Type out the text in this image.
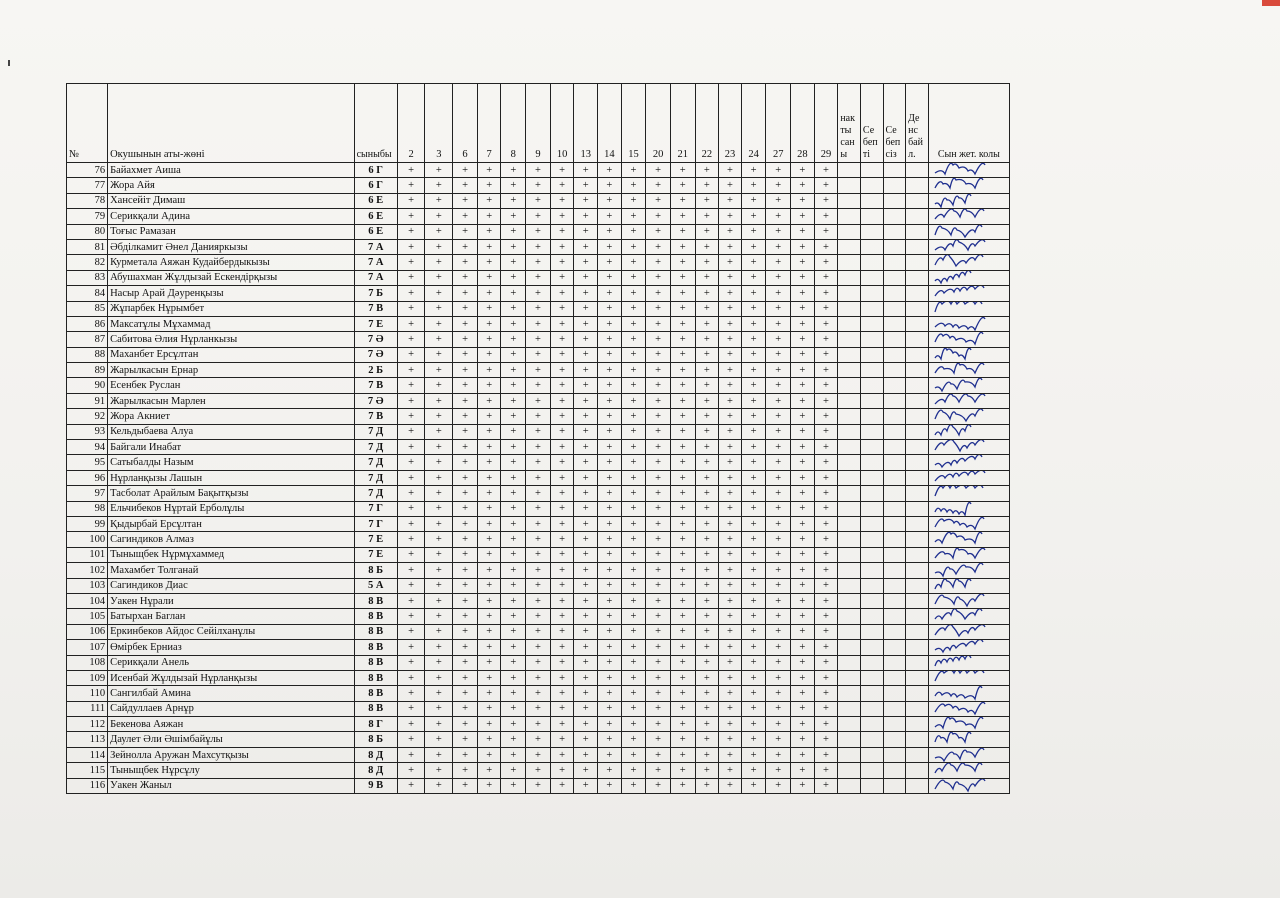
№	Окушынын аты-жөні	сыныбы	2	3	6	7	8	9	10	13	14	15	20	21	22	23	24	27	28	29	нак ты сан ы	Се беп ті	Се беп сіз	Де нс бай л.	Сын жет. колы
76	Байахмет Аиша	6 Г	+	+	+	+	+	+	+	+	+	+	+	+	+	+	+	+	+	+					

77	Жора Айя	6 Г	+	+	+	+	+	+	+	+	+	+	+	+	+	+	+	+	+	+					

78	Хансейіт Димаш	6 Е	+	+	+	+	+	+	+	+	+	+	+	+	+	+	+	+	+	+					

79	Серикқали Адина	6 Е	+	+	+	+	+	+	+	+	+	+	+	+	+	+	+	+	+	+					

80	Тоғыс Рамазан	6 Е	+	+	+	+	+	+	+	+	+	+	+	+	+	+	+	+	+	+					

81	Әбділкамит Әнел Данияркызы	7 А	+	+	+	+	+	+	+	+	+	+	+	+	+	+	+	+	+	+					

82	Курметала Аяжан Кудайбердыкызы	7 А	+	+	+	+	+	+	+	+	+	+	+	+	+	+	+	+	+	+					

83	Абушахман Жұлдызай Ескендірқызы	7 А	+	+	+	+	+	+	+	+	+	+	+	+	+	+	+	+	+	+					

84	Насыр Арай Дәуренқызы	7 Б	+	+	+	+	+	+	+	+	+	+	+	+	+	+	+	+	+	+					

85	Жұпарбек Нұрымбет	7 В	+	+	+	+	+	+	+	+	+	+	+	+	+	+	+	+	+	+					

86	Максатұлы Мұхаммад	7 Е	+	+	+	+	+	+	+	+	+	+	+	+	+	+	+	+	+	+					

87	Сабитова Әлия Нұрланкызы	7 Ә	+	+	+	+	+	+	+	+	+	+	+	+	+	+	+	+	+	+					

88	Маханбет Ерсұлтан	7 Ә	+	+	+	+	+	+	+	+	+	+	+	+	+	+	+	+	+	+					

89	Жарылкасын Ернар	2 Б	+	+	+	+	+	+	+	+	+	+	+	+	+	+	+	+	+	+					

90	Есенбек Руслан	7 В	+	+	+	+	+	+	+	+	+	+	+	+	+	+	+	+	+	+					

91	Жарылкасын Марлен	7 Ә	+	+	+	+	+	+	+	+	+	+	+	+	+	+	+	+	+	+					

92	Жора Акниет	7 В	+	+	+	+	+	+	+	+	+	+	+	+	+	+	+	+	+	+					

93	Кельдыбаева Алуа	7 Д	+	+	+	+	+	+	+	+	+	+	+	+	+	+	+	+	+	+					

94	Байгали Инабат	7 Д	+	+	+	+	+	+	+	+	+	+	+	+	+	+	+	+	+	+					

95	Сатыбалды Назым	7 Д	+	+	+	+	+	+	+	+	+	+	+	+	+	+	+	+	+	+					

96	Нұрланқызы Лашын	7 Д	+	+	+	+	+	+	+	+	+	+	+	+	+	+	+	+	+	+					

97	Тасболат Арайлым Бақытқызы	7 Д	+	+	+	+	+	+	+	+	+	+	+	+	+	+	+	+	+	+					

98	Ельчибеков Нұртай Ерболұлы	7 Г	+	+	+	+	+	+	+	+	+	+	+	+	+	+	+	+	+	+					

99	Қыдырбай Ерсұлтан	7 Г	+	+	+	+	+	+	+	+	+	+	+	+	+	+	+	+	+	+					

100	Сагиндиков Алмаз	7 Е	+	+	+	+	+	+	+	+	+	+	+	+	+	+	+	+	+	+					

101	Тыныщбек Нұрмұхаммед	7 Е	+	+	+	+	+	+	+	+	+	+	+	+	+	+	+	+	+	+					

102	Махамбет Толганай	8 Б	+	+	+	+	+	+	+	+	+	+	+	+	+	+	+	+	+	+					

103	Сагиндиков Диас	5 А	+	+	+	+	+	+	+	+	+	+	+	+	+	+	+	+	+	+					

104	Уакен Нұрали	8 В	+	+	+	+	+	+	+	+	+	+	+	+	+	+	+	+	+	+					

105	Батырхан Баглан	8 В	+	+	+	+	+	+	+	+	+	+	+	+	+	+	+	+	+	+					

106	Еркинбеков Айдос Сейілханұлы	8 В	+	+	+	+	+	+	+	+	+	+	+	+	+	+	+	+	+	+					

107	Өмірбек Ерниаз	8 В	+	+	+	+	+	+	+	+	+	+	+	+	+	+	+	+	+	+					

108	Серикқали Анель	8 В	+	+	+	+	+	+	+	+	+	+	+	+	+	+	+	+	+	+					

109	Исенбай Жұлдызай Нұрланқызы	8 В	+	+	+	+	+	+	+	+	+	+	+	+	+	+	+	+	+	+					

110	Сангилбай Амина	8 В	+	+	+	+	+	+	+	+	+	+	+	+	+	+	+	+	+	+					

111	Сайдуллаев Арнұр	8 В	+	+	+	+	+	+	+	+	+	+	+	+	+	+	+	+	+	+					

112	Бекенова Аяжан	8 Г	+	+	+	+	+	+	+	+	+	+	+	+	+	+	+	+	+	+					

113	Даулет Әли Әшімбайұлы	8 Б	+	+	+	+	+	+	+	+	+	+	+	+	+	+	+	+	+	+					

114	Зейнолла Аружан Махсутқызы	8 Д	+	+	+	+	+	+	+	+	+	+	+	+	+	+	+	+	+	+					

115	Тыныщбек Нұрсұлу	8 Д	+	+	+	+	+	+	+	+	+	+	+	+	+	+	+	+	+	+					

116	Уакен Жаныл	9 В	+	+	+	+	+	+	+	+	+	+	+	+	+	+	+	+	+	+					
